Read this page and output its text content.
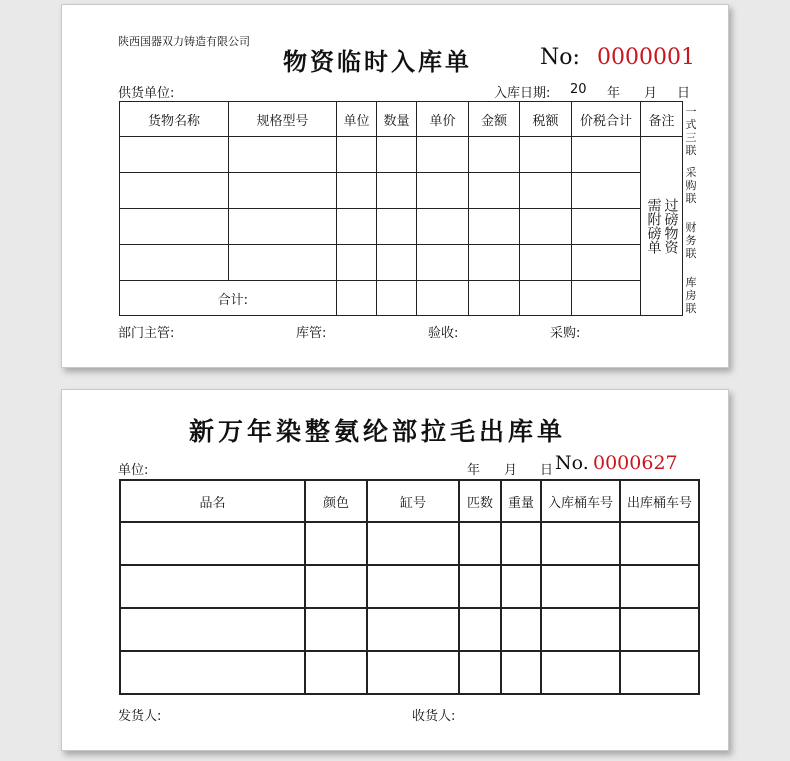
陕西国器双力铸造有限公司
物资临时入库单	No: 0000001
供货单位:	入库日期: 20 年 月 日
货物名称	规格型号	单位	数量	单价	金额	税额	价税合计	备注

								过磅物资需附磅单

合计:								
一式三联
采购联
财务联
库房联
部门主管:	库管:	验收:	采购:
新万年染整氨纶部拉毛出库单
单位:	年 月 日 No. 0000627
品名	颜色	缸号	匹数	重量	入库桶车号	出库桶车号

发货人:	收货人:
